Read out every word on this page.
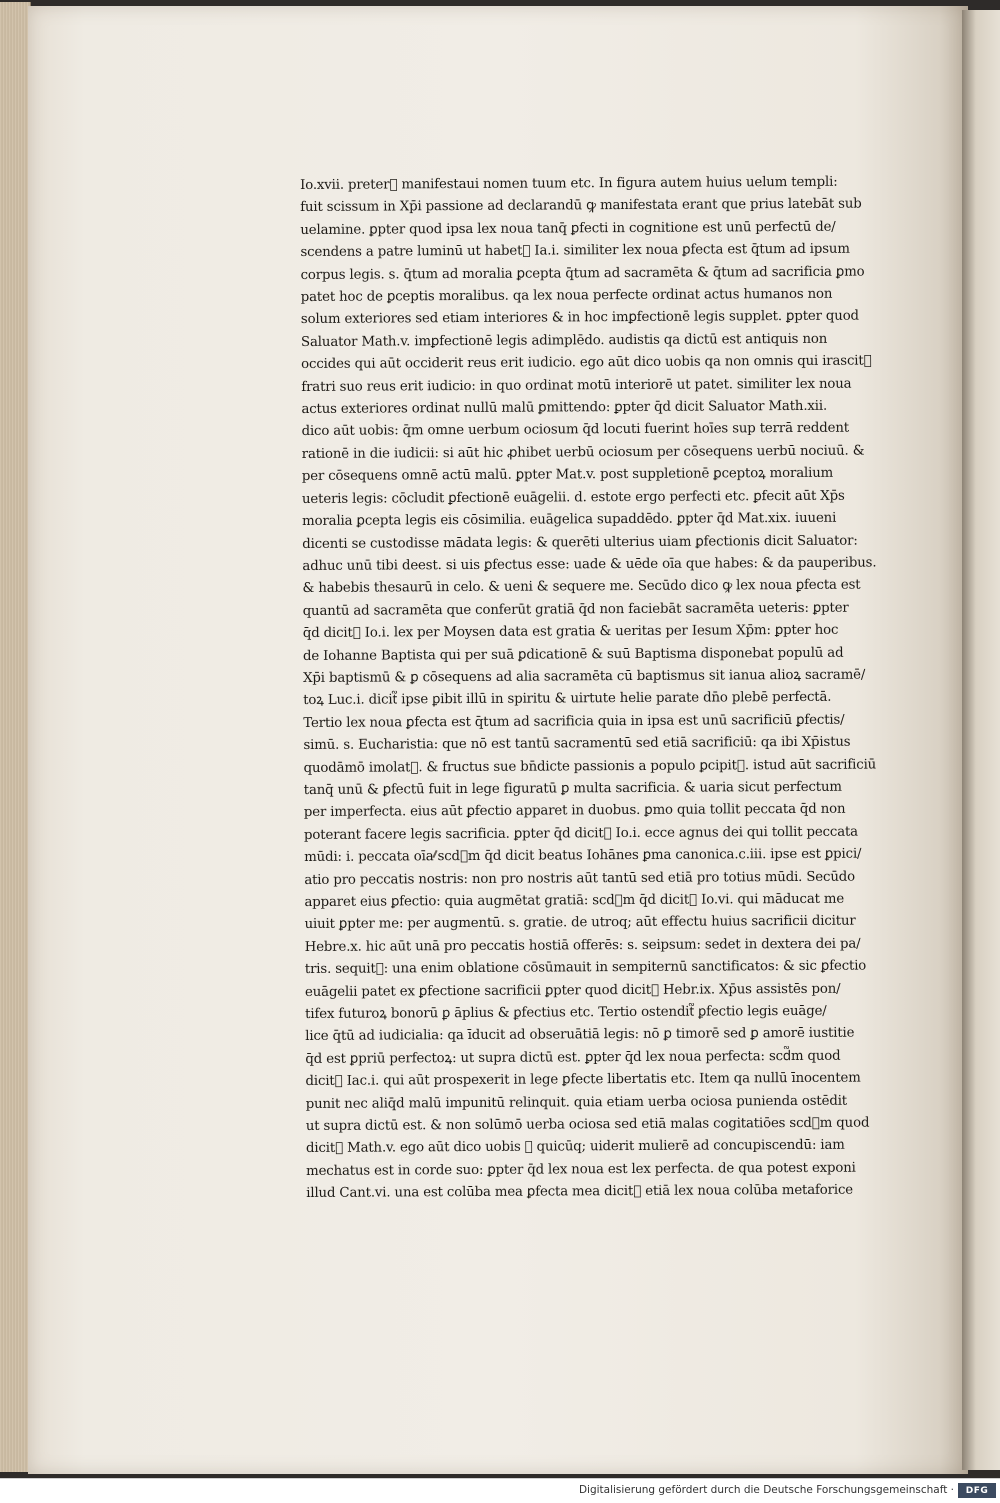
Io.xvii. preter᷑ manifestaui nomen tuum etc. In figura autem huius uelum templi:
fuit scissum in Xp̄i passione ad declarandū ꝙ manifestata erant que prius latebāt sub
uelamine. ꝑpter quod ipsa lex noua tanq̄ ꝑfecti in cognitione est unū perfectū de/
scendens a patre luminū ut habet᷑ Ia.i. similiter lex noua ꝑfecta est q̄tum ad ipsum
corpus legis. s. q̄tum ad moralia ꝑcepta q̄tum ad sacramēta & q̄tum ad sacrificia ꝑmo
patet hoc de ꝑceptis moralibus. qa lex noua perfecte ordinat actus humanos non
solum exteriores sed etiam interiores & in hoc imꝑfectionē legis supplet. ꝑpter quod
Saluator Math.v. imꝑfectionē legis adimplēdo. audistis qa dictū est antiquis non
occides qui aūt occiderit reus erit iudicio. ego aūt dico uobis qa non omnis qui irascit᷑
fratri suo reus erit iudicio: in quo ordinat motū interiorē ut patet. similiter lex noua
actus exteriores ordinat nullū malū ꝑmittendo: ꝑpter q̄d dicit Saluator Math.xii.
dico aūt uobis: q̄m omne uerbum ociosum q̄d locuti fuerint hoīes sup terrā reddent
rationē in die iudicii: si aūt hic ꝓhibet uerbū ociosum per cōsequens uerbū nociuū. &
per cōsequens omnē actū malū. ꝑpter Mat.v. post suppletionē ꝑceptoꝝ moralium
ueteris legis: cōcludit ꝑfectionē euāgelii. d. estote ergo perfecti etc. ꝑfecit aūt Xp̄s
moralia ꝑcepta legis eis cōsimilia. euāgelica supaddēdo. ꝑpter q̄d Mat.xix. iuueni
dicenti se custodisse mādata legis: & querēti ulterius uiam ꝑfectionis dicit Saluator:
adhuc unū tibi deest. si uis ꝑfectus esse: uade & uēde oīa que habes: & da pauperibus.
& habebis thesaurū in celo. & ueni & sequere me. Secūdo dico ꝙ lex noua ꝑfecta est
quantū ad sacramēta que conferūt gratiā q̄d non faciebāt sacramēta ueteris: ꝑpter
q̄d dicit᷑ Io.i. lex per Moysen data est gratia & ueritas per Iesum Xp̄m: ꝑpter hoc
de Iohanne Baptista qui per suā ꝑdicationē & suū Baptisma disponebat populū ad
Xp̄i baptismū & ꝑ cōsequens ad alia sacramēta cū baptismus sit ianua alioꝝ sacramē/
toꝝ Luc.i. dicit᷑ ipse ꝑibit illū in spiritu & uirtute helie parate dn̄o plebē perfectā.
Tertio lex noua ꝑfecta est q̄tum ad sacrificia quia in ipsa est unū sacrificiū ꝑfectis/
simū. s. Eucharistia: que nō est tantū sacramentū sed etiā sacrificiū: qa ibi Xp̄istus
quodāmō imolat᷑. & fructus sue bn̄dicte passionis a populo ꝑcipit᷑. istud aūt sacrificiū
tanq̄ unū & ꝑfectū fuit in lege figuratū ꝑ multa sacrificia. & uaria sicut perfectum
per imperfecta. eius aūt ꝑfectio apparet in duobus. ꝑmo quia tollit peccata q̄d non
poterant facere legis sacrificia. ꝑpter q̄d dicit᷑ Io.i. ecce agnus dei qui tollit peccata
mūdi: i. peccata oīa scd᷑m q̄d dicit beatus Iohānes ꝑma canonica.c.iii. ipse est ꝑpici/
atio pro peccatis nostris: non pro nostris aūt tantū sed etiā pro totius mūdi. Secūdo
apparet eius ꝑfectio: quia augmētat gratiā: scd᷑m q̄d dicit᷑ Io.vi. qui māducat me
uiuit ꝑpter me: per augmentū. s. gratie. de utroq; aūt effectu huius sacrificii dicitur
Hebre.x. hic aūt unā pro peccatis hostiā offerēs: s. seipsum: sedet in dextera dei pa/
tris. sequit᷑: una enim oblatione cōsūmauit in sempiternū sanctificatos: & sic ꝑfectio
euāgelii patet ex ꝑfectione sacrificii ꝑpter quod dicit᷑ Hebr.ix. Xp̄us assistēs pon/
tifex futuroꝝ bonorū ꝑ āplius & ꝑfectius etc. Tertio ostendit᷑ ꝑfectio legis euāge/
lice q̄tū ad iudicialia: qa īducit ad obseruātiā legis: nō ꝑ timorē sed ꝑ amorē iustitie
q̄d est ꝑpriū perfectoꝝ: ut supra dictū est. ꝑpter q̄d lex noua perfecta: scd᷑m quod
dicit᷑ Iac.i. qui aūt prospexerit in lege ꝑfecte libertatis etc. Item qa nullū īnocentem
punit nec aliq̄d malū impunitū relinquit. quia etiam uerba ociosa punienda ostēdit
ut supra dictū est. & non solūmō uerba ociosa sed etiā malas cogitatiōes scd᷑m quod
dicit᷑ Math.v. ego aūt dico uobis ꝙ quicūq; uiderit mulierē ad concupiscendū: iam
mechatus est in corde suo: ꝑpter q̄d lex noua est lex perfecta. de qua potest exponi
illud Cant.vi. una est colūba mea ꝑfecta mea dicit᷑ etiā lex noua colūba metaforice
Digitalisierung gefördert durch die Deutsche Forschungsgemeinschaft ·	DFG
